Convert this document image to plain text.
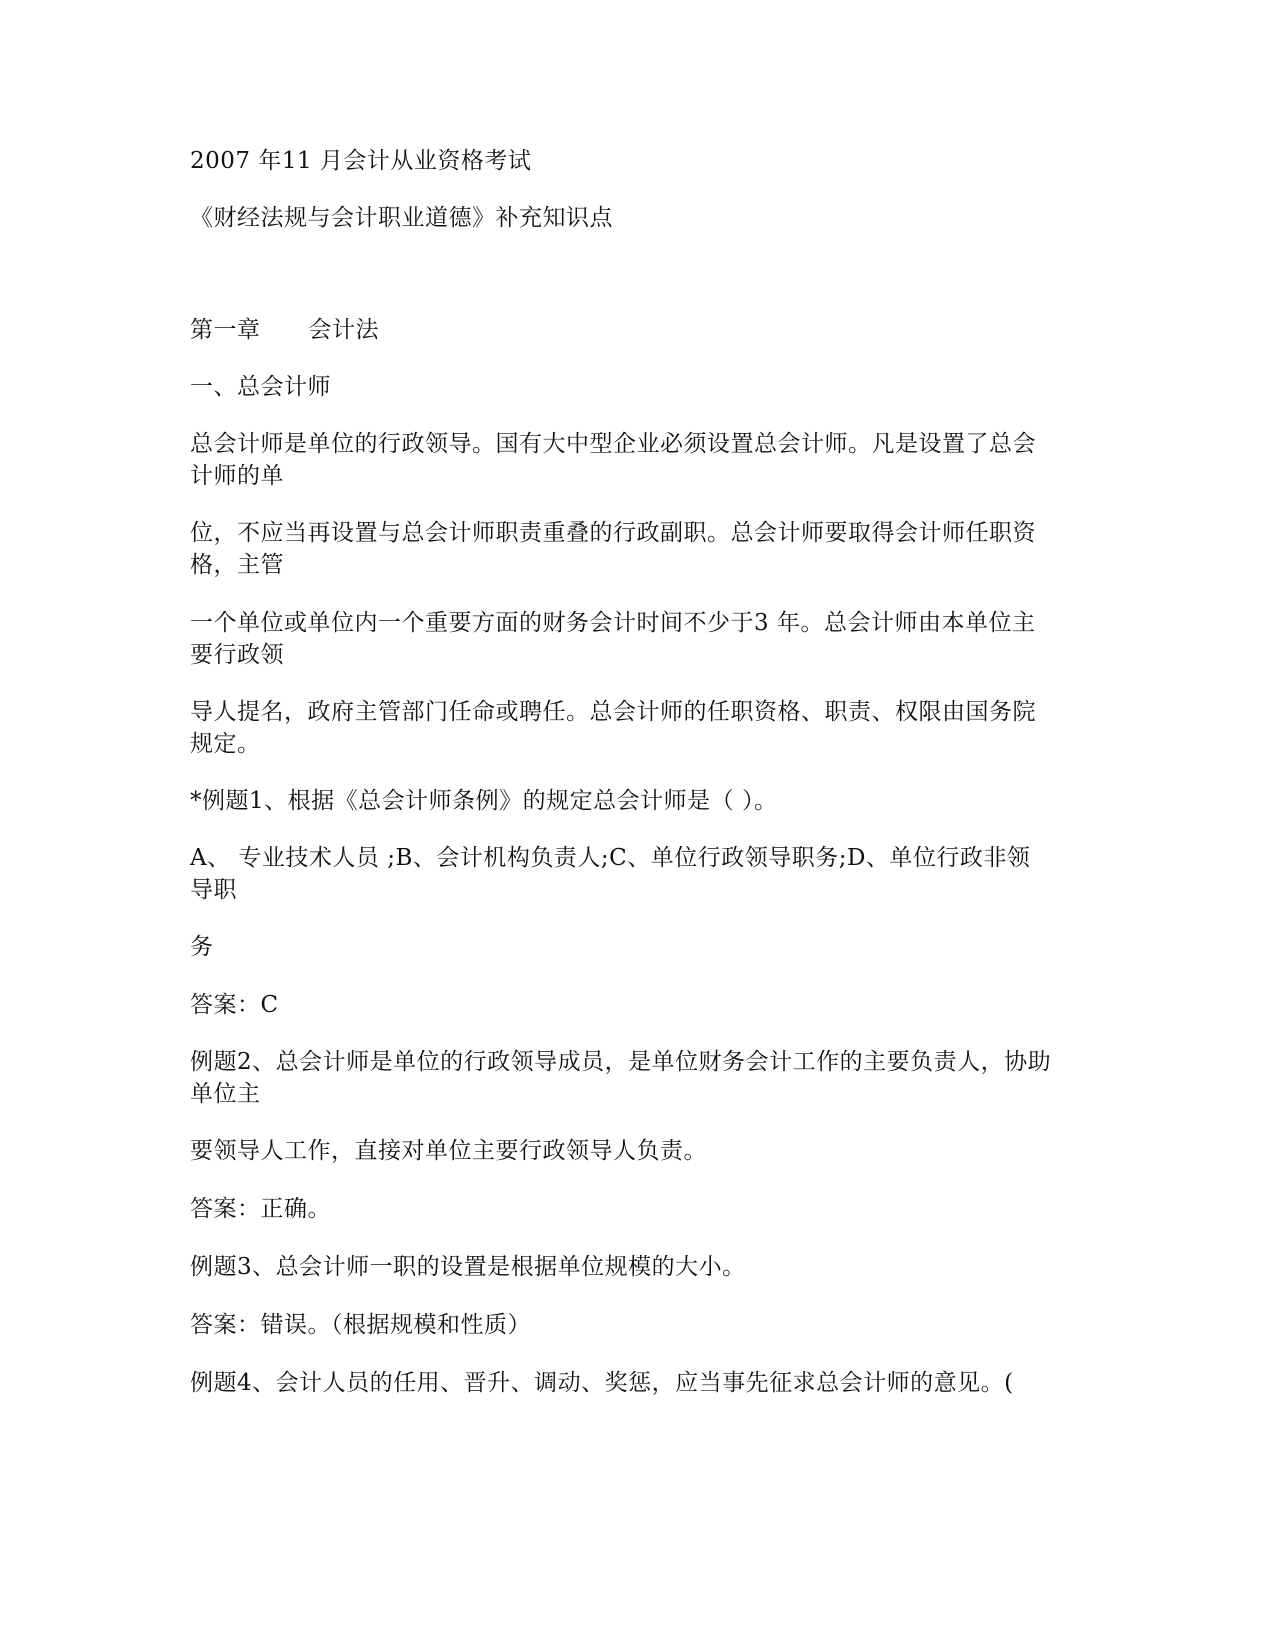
2007 年11 月会计从业资格考试
《财经法规与会计职业道德》补充知识点
第一章 会计法
一、总会计师
总会计师是单位的行政领导。国有大中型企业必须设置总会计师。凡是设置了总会
计师的单
位，不应当再设置与总会计师职责重叠的行政副职。总会计师要取得会计师任职资
格，主管
一个单位或单位内一个重要方面的财务会计时间不少于3 年。总会计师由本单位主
要行政领
导人提名，政府主管部门任命或聘任。总会计师的任职资格、职责、权限由国务院
规定。
*例题1、根据《总会计师条例》的规定总会计师是（ ）。
A、 专业技术人员 ;B、会计机构负责人;C、单位行政领导职务;D、单位行政非领
导职
务
答案：C
例题2、总会计师是单位的行政领导成员，是单位财务会计工作的主要负责人，协助
单位主
要领导人工作，直接对单位主要行政领导人负责。
答案：正确。
例题3、总会计师一职的设置是根据单位规模的大小。
答案：错误。（根据规模和性质）
例题4、会计人员的任用、晋升、调动、奖惩，应当事先征求总会计师的意见。(
